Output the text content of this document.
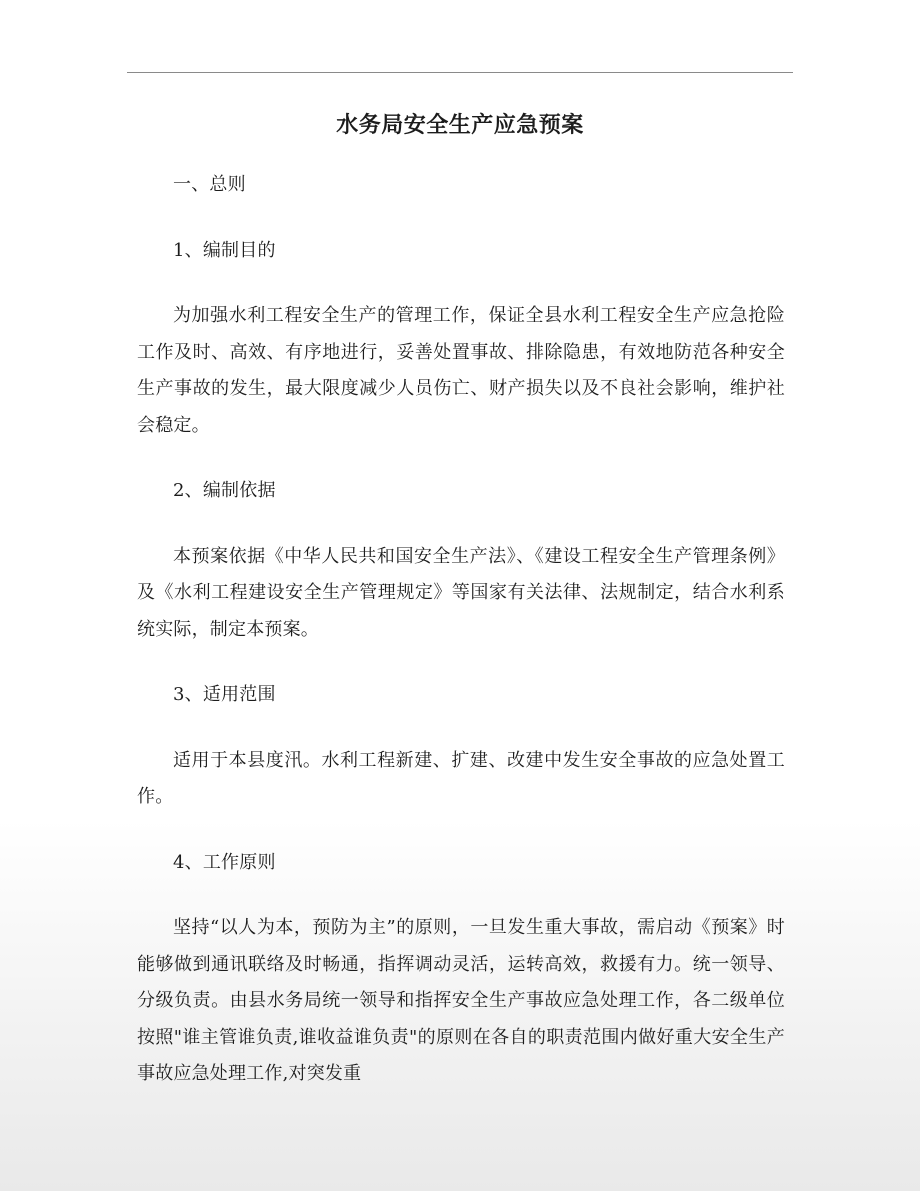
水务局安全生产应急预案

一、总则

1、编制目的

为加强水利工程安全生产的管理工作，保证全县水利工程安全生产应急抢险工作及时、高效、有序地进行，妥善处置事故、排除隐患，有效地防范各种安全生产事故的发生，最大限度减少人员伤亡、财产损失以及不良社会影响，维护社会稳定。

2、编制依据

本预案依据《中华人民共和国安全生产法》、《建设工程安全生产管理条例》及《水利工程建设安全生产管理规定》等国家有关法律、法规制定，结合水利系统实际，制定本预案。

3、适用范围

适用于本县度汛。水利工程新建、扩建、改建中发生安全事故的应急处置工作。

4、工作原则

坚持“以人为本，预防为主”的原则，一旦发生重大事故，需启动《预案》时能够做到通讯联络及时畅通，指挥调动灵活，运转高效，救援有力。统一领导、分级负责。由县水务局统一领导和指挥安全生产事故应急处理工作，各二级单位按照"谁主管谁负责,谁收益谁负责"的原则在各自的职责范围内做好重大安全生产事故应急处理工作,对突发重
